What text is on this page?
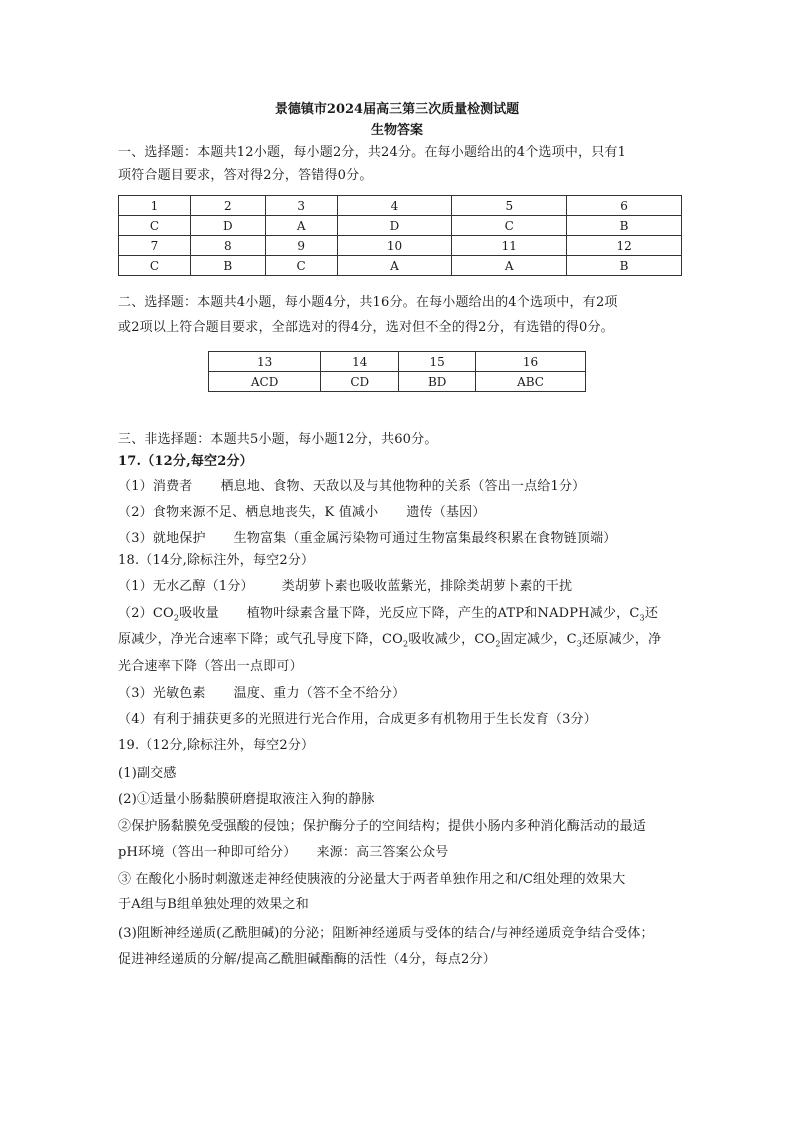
景德镇市2024届高三第三次质量检测试题
生物答案
一、选择题：本题共12小题，每小题2分，共24分。在每小题给出的4个选项中，只有1
项符合题目要求，答对得2分，答错得0分。
1	2	3	4	5	6
C	D	A	D	C	B
7	8	9	10	11	12
C	B	C	A	A	B
二、选择题：本题共4小题，每小题4分，共16分。在每小题给出的4个选项中，有2项
或2项以上符合题目要求，全部选对的得4分，选对但不全的得2分，有选错的得0分。
13	14	15	16
ACD	CD	BD	ABC
三、非选择题：本题共5小题，每小题12分，共60分。
17.（12分,每空2分）
（1）消费者 栖息地、食物、天敌以及与其他物种的关系（答出一点给1分）
（2）食物来源不足、栖息地丧失，K 值减小 遗传（基因）
（3）就地保护 生物富集（重金属污染物可通过生物富集最终积累在食物链顶端）
18.（14分,除标注外，每空2分）
（1）无水乙醇（1分） 类胡萝卜素也吸收蓝紫光，排除类胡萝卜素的干扰
$(2)CO_2$吸收量 植物叶绿素含量下降，光反应下降，产生的ATP和NADPH减少，$C_3$还
原减少，净光合速率下降；或气孔导度下降，$CO_2$吸收减少，$CO_2$固定减少，$C_3$还原减少，净
光合速率下降（答出一点即可）
（3）光敏色素 温度、重力（答不全不给分）
（4）有利于捕获更多的光照进行光合作用，合成更多有机物用于生长发育（3分）
19.（12分,除标注外，每空2分）
(1)副交感
(2)①适量小肠黏膜研磨提取液注入狗的静脉
②保护肠黏膜免受强酸的侵蚀；保护酶分子的空间结构；提供小肠内多种消化酶活动的最适
pH环境（答出一种即可给分） 来源：高三答案公众号
③ 在酸化小肠时刺激迷走神经使胰液的分泌量大于两者单独作用之和/C组处理的效果大
于A组与B组单独处理的效果之和
(3)阻断神经递质(乙酰胆碱)的分泌；阻断神经递质与受体的结合/与神经递质竞争结合受体；
促进神经递质的分解/提高乙酰胆碱酯酶的活性（4分，每点2分）
